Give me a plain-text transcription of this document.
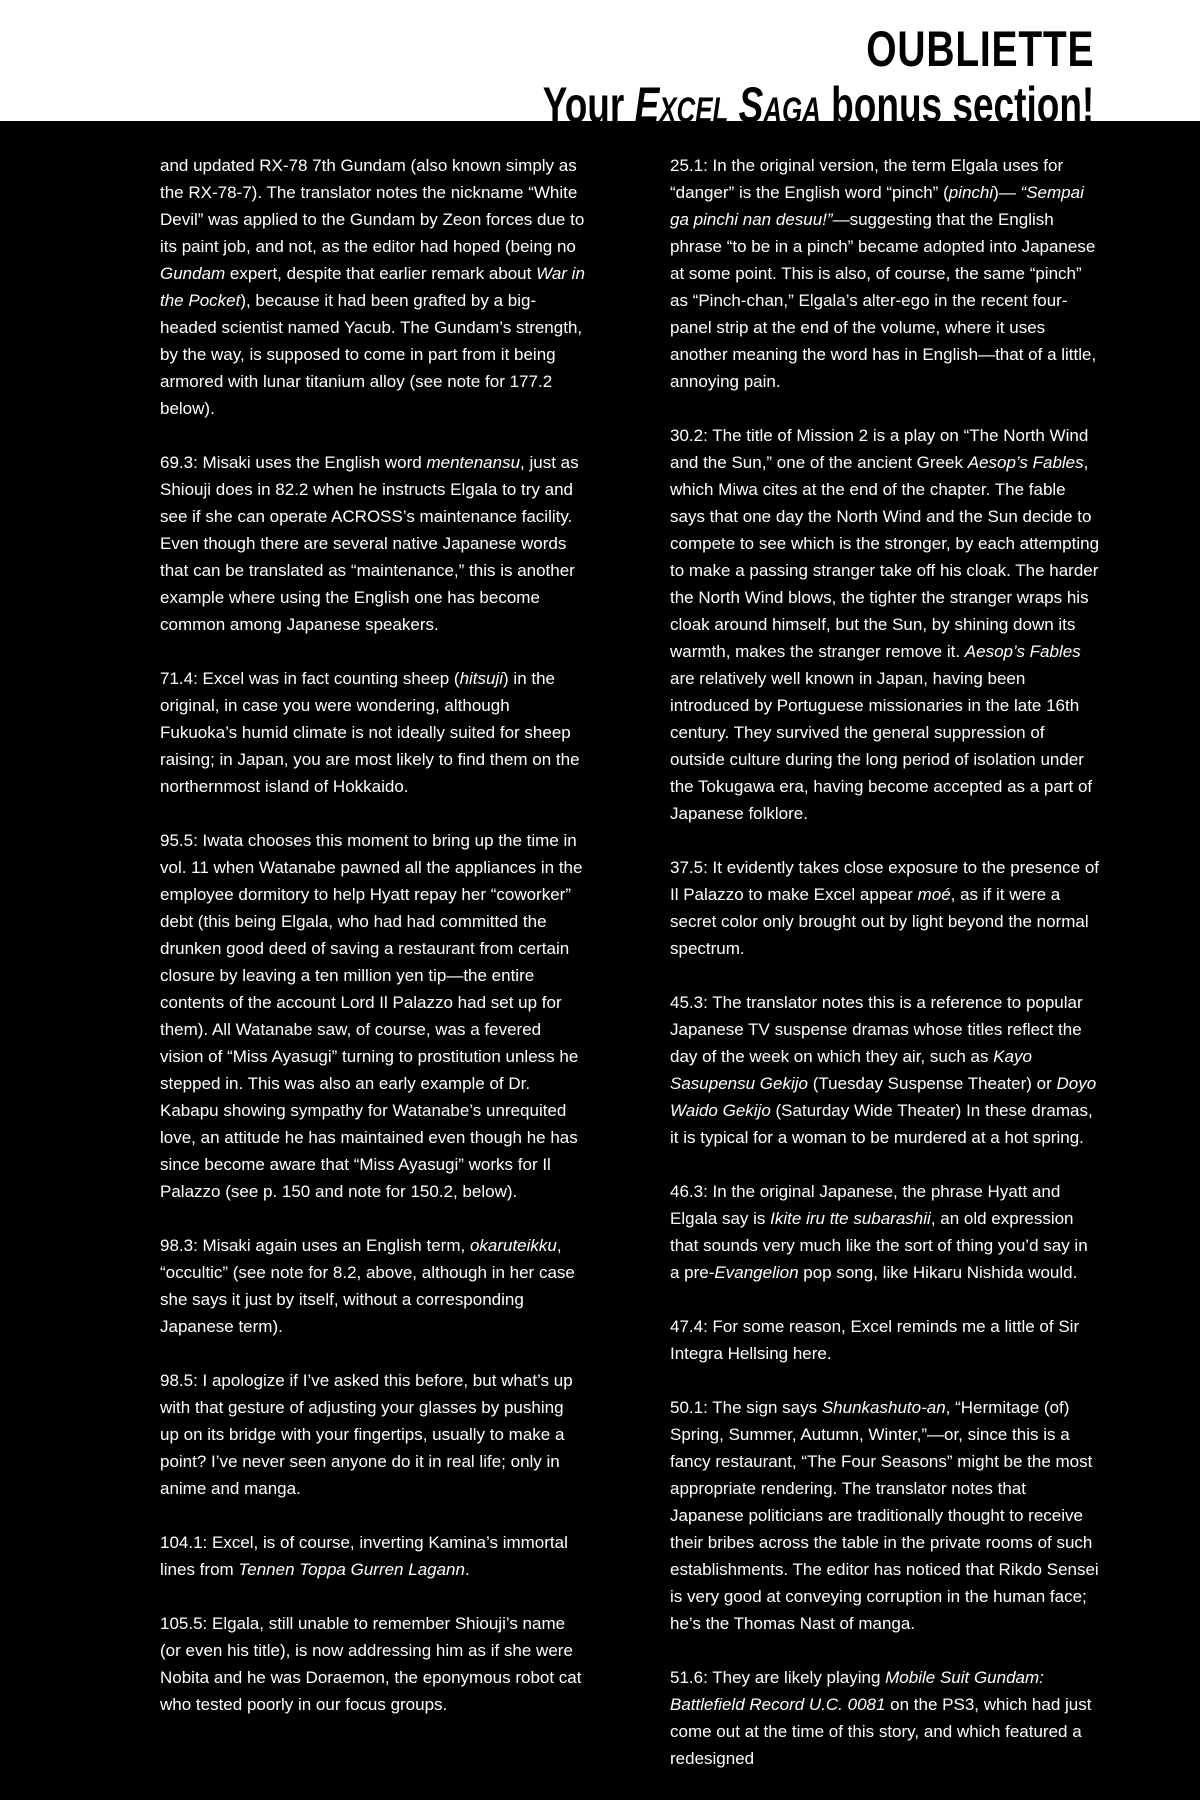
OUBLIETTE
Your Excel Saga bonus section!

and updated RX-78 7th Gundam (also known simply as the RX-78-7). The translator notes the nickname “White Devil” was applied to the Gundam by Zeon forces due to its paint job, and not, as the editor had hoped (being no Gundam expert, despite that earlier remark about War in the Pocket), because it had been grafted by a big-headed scientist named Yacub. The Gundam’s strength, by the way, is supposed to come in part from it being armored with lunar titanium alloy (see note for 177.2 below).

69.3: Misaki uses the English word mentenansu, just as Shiouji does in 82.2 when he instructs Elgala to try and see if she can operate ACROSS’s maintenance facility. Even though there are several native Japanese words that can be translated as “maintenance,” this is another example where using the English one has become common among Japanese speakers.

71.4: Excel was in fact counting sheep (hitsuji) in the original, in case you were wondering, although Fukuoka’s humid climate is not ideally suited for sheep raising; in Japan, you are most likely to find them on the northernmost island of Hokkaido.

95.5: Iwata chooses this moment to bring up the time in vol. 11 when Watanabe pawned all the appliances in the employee dormitory to help Hyatt repay her “coworker” debt (this being Elgala, who had had committed the drunken good deed of saving a restaurant from certain closure by leaving a ten million yen tip—the entire contents of the account Lord Il Palazzo had set up for them). All Watanabe saw, of course, was a fevered vision of “Miss Ayasugi” turning to prostitution unless he stepped in. This was also an early example of Dr. Kabapu showing sympathy for Watanabe’s unrequited love, an attitude he has maintained even though he has since become aware that “Miss Ayasugi” works for Il Palazzo (see p. 150 and note for 150.2, below).

98.3: Misaki again uses an English term, okaruteikku, “occultic” (see note for 8.2, above, although in her case she says it just by itself, without a corresponding Japanese term).

98.5: I apologize if I’ve asked this before, but what’s up with that gesture of adjusting your glasses by pushing up on its bridge with your fingertips, usually to make a point? I’ve never seen anyone do it in real life; only in anime and manga.

104.1: Excel, is of course, inverting Kamina’s immortal lines from Tennen Toppa Gurren Lagann.

105.5: Elgala, still unable to remember Shiouji’s name (or even his title), is now addressing him as if she were Nobita and he was Doraemon, the eponymous robot cat who tested poorly in our focus groups.

25.1: In the original version, the term Elgala uses for “danger” is the English word “pinch” (pinchi)— “Sempai ga pinchi nan desuu!”—suggesting that the English phrase “to be in a pinch” became adopted into Japanese at some point. This is also, of course, the same “pinch” as “Pinch-chan,” Elgala’s alter-ego in the recent four-panel strip at the end of the volume, where it uses another meaning the word has in English—that of a little, annoying pain.

30.2: The title of Mission 2 is a play on “The North Wind and the Sun,” one of the ancient Greek Aesop’s Fables, which Miwa cites at the end of the chapter. The fable says that one day the North Wind and the Sun decide to compete to see which is the stronger, by each attempting to make a passing stranger take off his cloak. The harder the North Wind blows, the tighter the stranger wraps his cloak around himself, but the Sun, by shining down its warmth, makes the stranger remove it. Aesop’s Fables are relatively well known in Japan, having been introduced by Portuguese missionaries in the late 16th century. They survived the general suppression of outside culture during the long period of isolation under the Tokugawa era, having become accepted as a part of Japanese folklore.

37.5: It evidently takes close exposure to the presence of Il Palazzo to make Excel appear moé, as if it were a secret color only brought out by light beyond the normal spectrum.

45.3: The translator notes this is a reference to popular Japanese TV suspense dramas whose titles reflect the day of the week on which they air, such as Kayo Sasupensu Gekijo (Tuesday Suspense Theater) or Doyo Waido Gekijo (Saturday Wide Theater) In these dramas, it is typical for a woman to be murdered at a hot spring.

46.3: In the original Japanese, the phrase Hyatt and Elgala say is Ikite iru tte subarashii, an old expression that sounds very much like the sort of thing you’d say in a pre-Evangelion pop song, like Hikaru Nishida would.

47.4: For some reason, Excel reminds me a little of Sir Integra Hellsing here.

50.1: The sign says Shunkashuto-an, “Hermitage (of) Spring, Summer, Autumn, Winter,”—or, since this is a fancy restaurant, “The Four Seasons” might be the most appropriate rendering. The translator notes that Japanese politicians are traditionally thought to receive their bribes across the table in the private rooms of such establishments. The editor has noticed that Rikdo Sensei is very good at conveying corruption in the human face; he’s the Thomas Nast of manga.

51.6: They are likely playing Mobile Suit Gundam: Battlefield Record U.C. 0081 on the PS3, which had just come out at the time of this story, and which featured a redesigned
